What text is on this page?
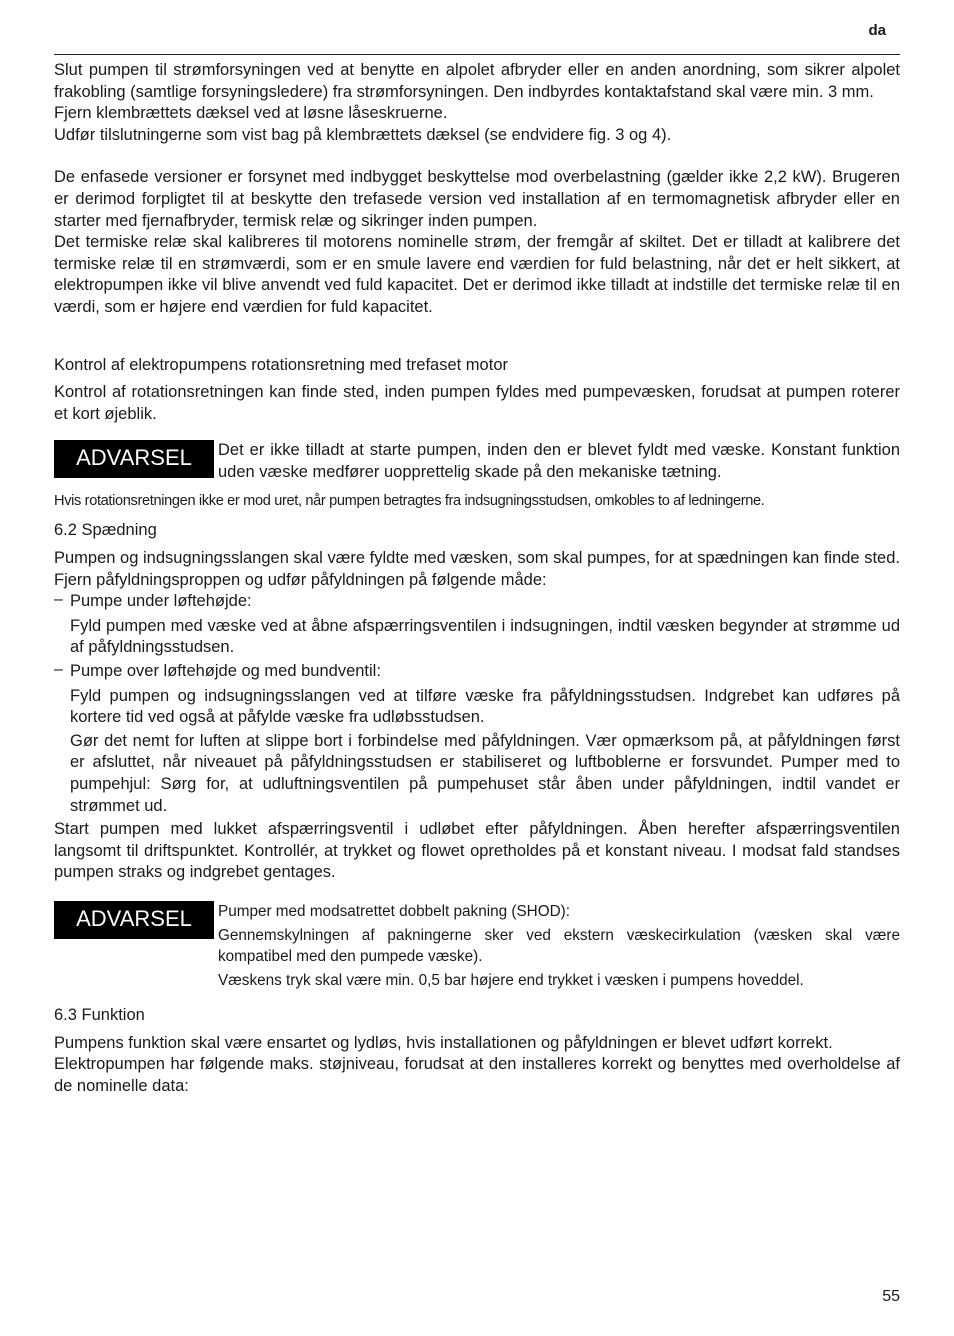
da

Slut pumpen til strømforsyningen ved at benytte en alpolet afbryder eller en anden anordning, som sikrer alpolet frakobling (samtlige forsyningsledere) fra strømforsyningen. Den indbyrdes kontaktafstand skal være min. 3 mm.

Fjern klembrættets dæksel ved at løsne låseskruerne.

Udfør tilslutningerne som vist bag på klembrættets dæksel (se endvidere fig. 3 og 4).

De enfasede versioner er forsynet med indbygget beskyttelse mod overbelastning (gælder ikke 2,2 kW). Brugeren er derimod forpligtet til at beskytte den trefasede version ved installation af en termomagnetisk afbryder eller en starter med fjernafbryder, termisk relæ og sikringer inden pumpen.

Det termiske relæ skal kalibreres til motorens nominelle strøm, der fremgår af skiltet. Det er tilladt at kalibrere det termiske relæ til en strømværdi, som er en smule lavere end værdien for fuld belastning, når det er helt sikkert, at elektropumpen ikke vil blive anvendt ved fuld kapacitet. Det er derimod ikke tilladt at indstille det termiske relæ til en værdi, som er højere end værdien for fuld kapacitet.

Kontrol af elektropumpens rotationsretning med trefaset motor

Kontrol af rotationsretningen kan finde sted, inden pumpen fyldes med pumpevæsken, forudsat at pumpen roterer et kort øjeblik.

ADVARSEL	Det er ikke tilladt at starte pumpen, inden den er blevet fyldt med væske. Konstant funktion uden væske medfører uopprettelig skade på den mekaniske tætning.

Hvis rotationsretningen ikke er mod uret, når pumpen betragtes fra indsugningsstudsen, omkobles to af ledningerne.

6.2 Spædning

Pumpen og indsugningsslangen skal være fyldte med væsken, som skal pumpes, for at spædningen kan finde sted. Fjern påfyldningsproppen og udfør påfyldningen på følgende måde:

– Pumpe under løftehøjde:

Fyld pumpen med væske ved at åbne afspærringsventilen i indsugningen, indtil væsken begynder at strømme ud af påfyldningsstudsen.

– Pumpe over løftehøjde og med bundventil:

Fyld pumpen og indsugningsslangen ved at tilføre væske fra påfyldningsstudsen. Indgrebet kan udføres på kortere tid ved også at påfylde væske fra udløbsstudsen.

Gør det nemt for luften at slippe bort i forbindelse med påfyldningen. Vær opmærksom på, at påfyldningen først er afsluttet, når niveauet på påfyldningsstudsen er stabiliseret og luftboblerne er forsvundet. Pumper med to pumpehjul: Sørg for, at udluftningsventilen på pumpehuset står åben under påfyldningen, indtil vandet er strømmet ud.

Start pumpen med lukket afspærringsventil i udløbet efter påfyldningen. Åben herefter afspærringsventilen langsomt til driftspunktet. Kontrollér, at trykket og flowet opretholdes på et konstant niveau. I modsat fald standses pumpen straks og indgrebet gentages.

ADVARSEL	Pumper med modsatrettet dobbelt pakning (SHOD):

Gennemskylningen af pakningerne sker ved ekstern væskecirkulation (væsken skal være kompatibel med den pumpede væske).

Væskens tryk skal være min. 0,5 bar højere end trykket i væsken i pumpens hoveddel.

6.3 Funktion

Pumpens funktion skal være ensartet og lydløs, hvis installationen og påfyldningen er blevet udført korrekt.

Elektropumpen har følgende maks. støjniveau, forudsat at den installeres korrekt og benyttes med overholdelse af de nominelle data:

55
